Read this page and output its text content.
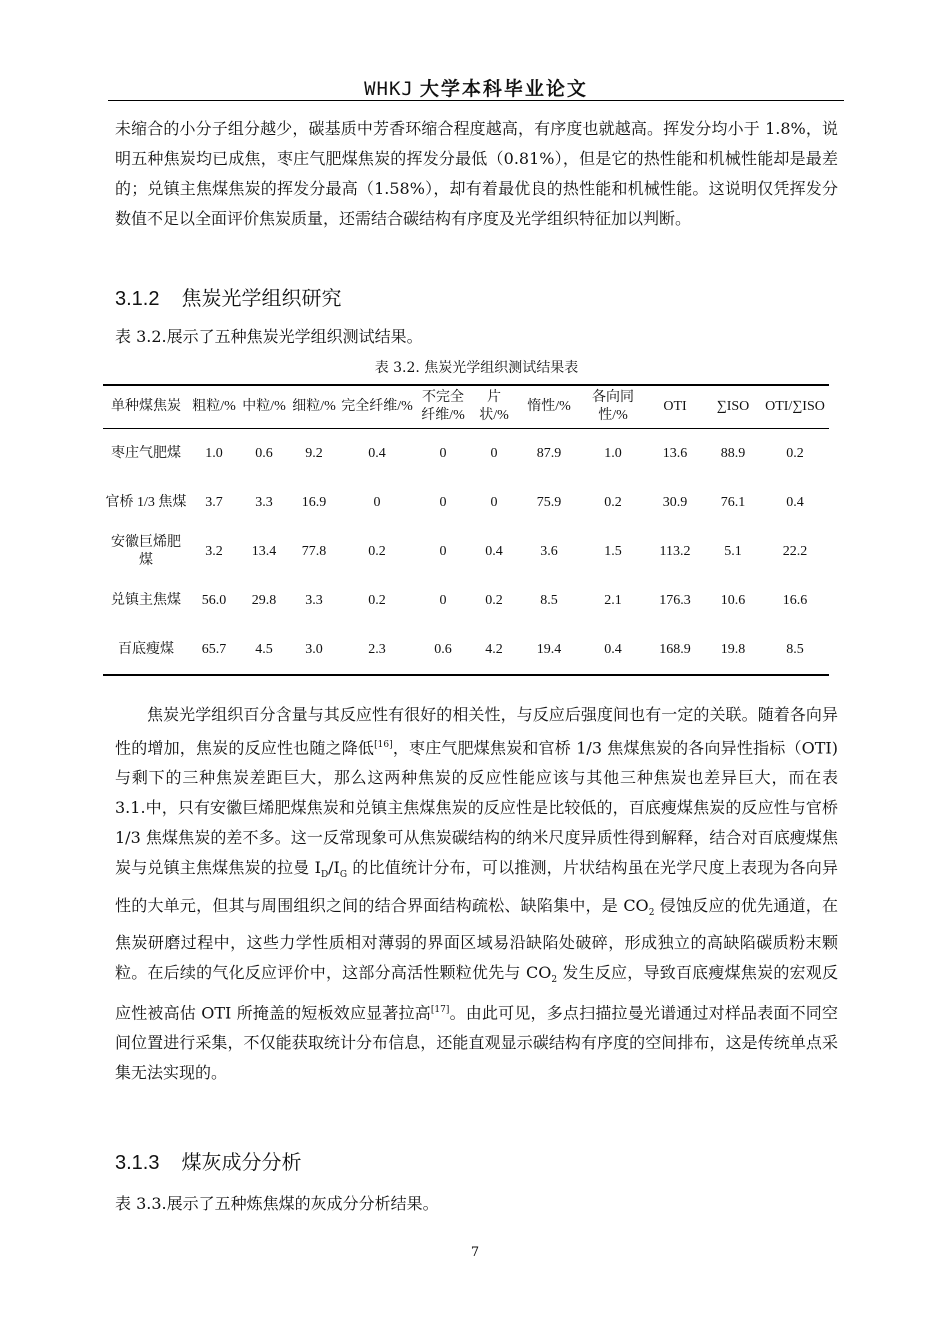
WHKJ 大学本科毕业论文

未缩合的小分子组分越少，碳基质中芳香环缩合程度越高，有序度也就越高。挥发分均小于 1.8%，说明五种焦炭均已成焦，枣庄气肥煤焦炭的挥发分最低（0.81%），但是它的热性能和机械性能却是最差的；兑镇主焦煤焦炭的挥发分最高（1.58%），却有着最优良的热性能和机械性能。这说明仅凭挥发分数值不足以全面评价焦炭质量，还需结合碳结构有序度及光学组织特征加以判断。

3.1.2 焦炭光学组织研究

表 3.2.展示了五种焦炭光学组织测试结果。

表 3.2. 焦炭光学组织测试结果表
单种煤焦炭	粗粒/%	中粒/%	细粒/%	完全纤维/%	不完全纤维/%	片状/%	惰性/%	各向同性/%	OTI	∑ISO	OTI/∑ISO
枣庄气肥煤	1.0	0.6	9.2	0.4	0	0	87.9	1.0	13.6	88.9	0.2
官桥 1/3 焦煤	3.7	3.3	16.9	0	0	0	75.9	0.2	30.9	76.1	0.4
安徽巨烯肥煤	3.2	13.4	77.8	0.2	0	0.4	3.6	1.5	113.2	5.1	22.2
兑镇主焦煤	56.0	29.8	3.3	0.2	0	0.2	8.5	2.1	176.3	10.6	16.6
百底瘦煤	65.7	4.5	3.0	2.3	0.6	4.2	19.4	0.4	168.9	19.8	8.5

焦炭光学组织百分含量与其反应性有很好的相关性，与反应后强度间也有一定的关联。随着各向异性的增加，焦炭的反应性也随之降低[16]，枣庄气肥煤焦炭和官桥 1/3 焦煤焦炭的各向异性指标（OTI)与剩下的三种焦炭差距巨大，那么这两种焦炭的反应性能应该与其他三种焦炭也差异巨大，而在表 3.1.中，只有安徽巨烯肥煤焦炭和兑镇主焦煤焦炭的反应性是比较低的，百底瘦煤焦炭的反应性与官桥 1/3 焦煤焦炭的差不多。这一反常现象可从焦炭碳结构的纳米尺度异质性得到解释，结合对百底瘦煤焦炭与兑镇主焦煤焦炭的拉曼 $I_D/I_G$ 的比值统计分布，可以推测，片状结构虽在光学尺度上表现为各向异性的大单元，但其与周围组织之间的结合界面结构疏松、缺陷集中，是 $CO_2$ 侵蚀反应的优先通道，在焦炭研磨过程中，这些力学性质相对薄弱的界面区域易沿缺陷处破碎，形成独立的高缺陷碳质粉末颗粒。在后续的气化反应评价中，这部分高活性颗粒优先与 $CO_2$ 发生反应，导致百底瘦煤焦炭的宏观反应性被高估 OTI 所掩盖的短板效应显著拉高[17]。由此可见，多点扫描拉曼光谱通过对样品表面不同空间位置进行采集，不仅能获取统计分布信息，还能直观显示碳结构有序度的空间排布，这是传统单点采集无法实现的。

3.1.3 煤灰成分分析

表 3.3.展示了五种炼焦煤的灰成分分析结果。

7
